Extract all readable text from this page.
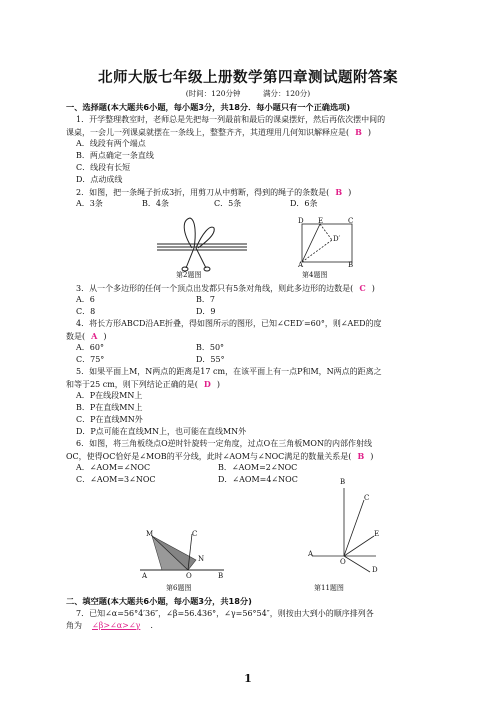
北师大版七年级上册数学第四章测试题附答案
(时间：120分钟　　　满分：120分)
一、选择题(本大题共6小题，每小题3分，共18分．每小题只有一个正确选项)
1．开学整理教室时，老师总是先把每一列最前和最后的课桌摆好，然后再依次摆中间的
课桌，一会儿一列课桌就摆在一条线上，整整齐齐，其道理用几何知识解释应是( B )
A．线段有两个端点
B．两点确定一条直线
C．线段有长短
D．点动成线
2．如图，把一条绳子折成3折，用剪刀从中剪断，得到的绳子的条数是( B )
A．3条	B．4条	C．5条	D．6条
第2题图
D E	C
D′
A	B
第4题图
3．从一个多边形的任何一个顶点出发都只有5条对角线，则此多边形的边数是( C )
A．6	B．7
C．8	D．9
4．将长方形ABCD沿AE折叠，得如图所示的图形，已知∠CED′=60°，则∠AED的度
数是( A )
A．60°	B．50°
C．75°	D．55°
5．如果平面上M，N两点的距离是17 cm，在该平面上有一点P和M，N两点的距离之
和等于25 cm，则下列结论正确的是( D )
A．P在线段MN上
B．P在直线MN上
C．P在直线MN外
D．P点可能在直线MN上，也可能在直线MN外
6．如图，将三角板绕点O逆时针旋转一定角度，过点O在三角板MON的内部作射线
OC，使得OC恰好是∠MOB的平分线，此时∠AOM与∠NOC满足的数量关系是( B )
A．∠AOM=∠NOC	B．∠AOM=2∠NOC
C．∠AOM=3∠NOC	D．∠AOM=4∠NOC
M	C
N
A	O	B
第6题图
B
C
E
A
O
D
第11题图
二、填空题(本大题共6小题，每小题3分，共18分)
7．已知∠α=56°4′36″，∠β=56.436°，∠γ=56°54″，则按由大到小的顺序排列各
角为 ∠β>∠α>∠γ .
1
